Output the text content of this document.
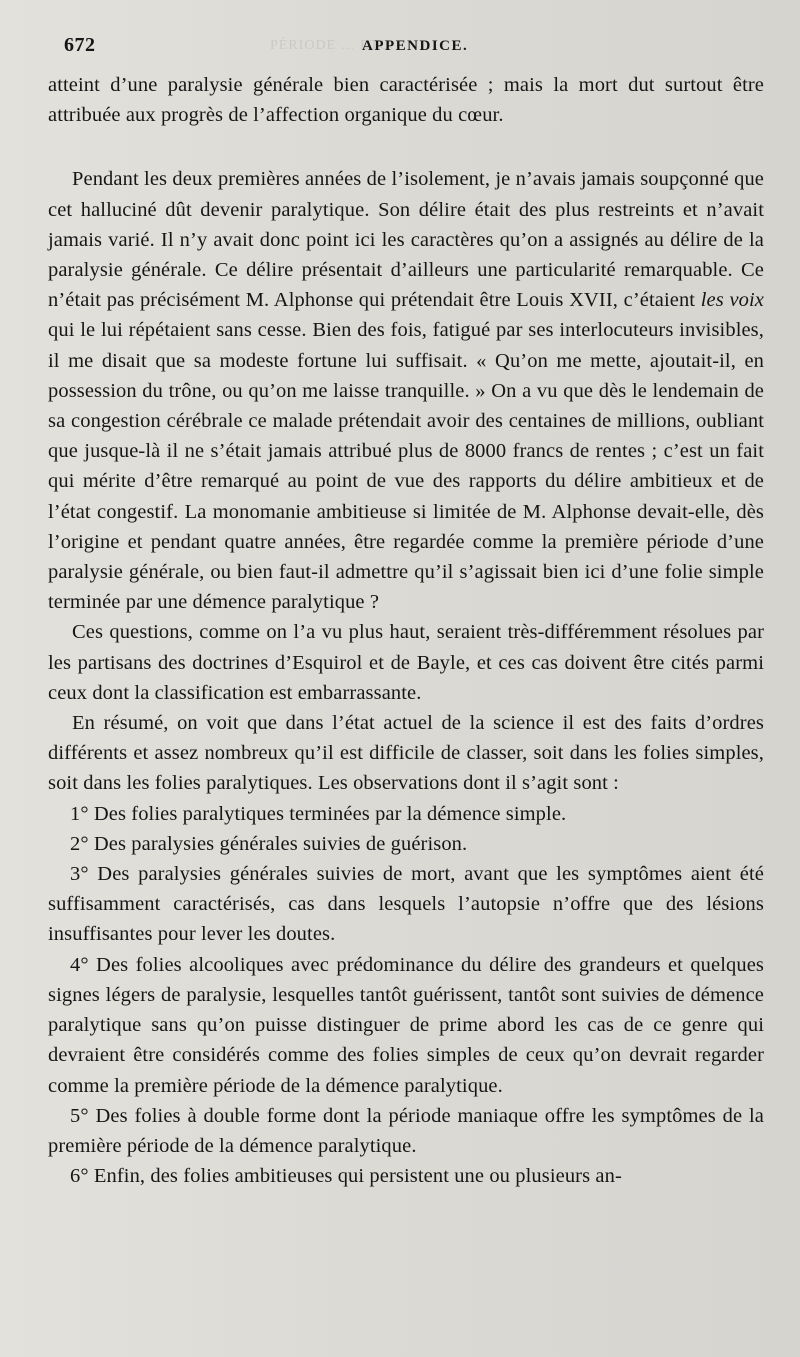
PÉRIODE … ETC.
672	APPENDICE.

atteint d’une paralysie générale bien caractérisée ; mais la mort dut surtout être attribuée aux progrès de l’affection organique du cœur.

Pendant les deux premières années de l’isolement, je n’avais jamais soupçonné que cet halluciné dût devenir paralytique. Son délire était des plus restreints et n’avait jamais varié. Il n’y avait donc point ici les caractères qu’on a assignés au délire de la paralysie générale. Ce délire présentait d’ailleurs une particularité remarquable. Ce n’était pas précisément M. Alphonse qui prétendait être Louis XVII, c’étaient les voix qui le lui répétaient sans cesse. Bien des fois, fatigué par ses interlocuteurs invisibles, il me disait que sa modeste fortune lui suffisait. « Qu’on me mette, ajoutait-il, en possession du trône, ou qu’on me laisse tranquille. » On a vu que dès le lendemain de sa congestion cérébrale ce malade prétendait avoir des centaines de millions, oubliant que jusque-là il ne s’était jamais attribué plus de 8000 francs de rentes ; c’est un fait qui mérite d’être remarqué au point de vue des rapports du délire ambitieux et de l’état congestif. La monomanie ambitieuse si limitée de M. Alphonse devait-elle, dès l’origine et pendant quatre années, être regardée comme la première période d’une paralysie générale, ou bien faut-il admettre qu’il s’agissait bien ici d’une folie simple terminée par une démence paralytique ?

Ces questions, comme on l’a vu plus haut, seraient très-différemment résolues par les partisans des doctrines d’Esquirol et de Bayle, et ces cas doivent être cités parmi ceux dont la classification est embarrassante.

En résumé, on voit que dans l’état actuel de la science il est des faits d’ordres différents et assez nombreux qu’il est difficile de classer, soit dans les folies simples, soit dans les folies paralytiques. Les observations dont il s’agit sont :

1° Des folies paralytiques terminées par la démence simple.

2° Des paralysies générales suivies de guérison.

3° Des paralysies générales suivies de mort, avant que les symptômes aient été suffisamment caractérisés, cas dans lesquels l’autopsie n’offre que des lésions insuffisantes pour lever les doutes.

4° Des folies alcooliques avec prédominance du délire des grandeurs et quelques signes légers de paralysie, lesquelles tantôt guérissent, tantôt sont suivies de démence paralytique sans qu’on puisse distinguer de prime abord les cas de ce genre qui devraient être considérés comme des folies simples de ceux qu’on devrait regarder comme la première période de la démence paralytique.

5° Des folies à double forme dont la période maniaque offre les symptômes de la première période de la démence paralytique.

6° Enfin, des folies ambitieuses qui persistent une ou plusieurs an-
